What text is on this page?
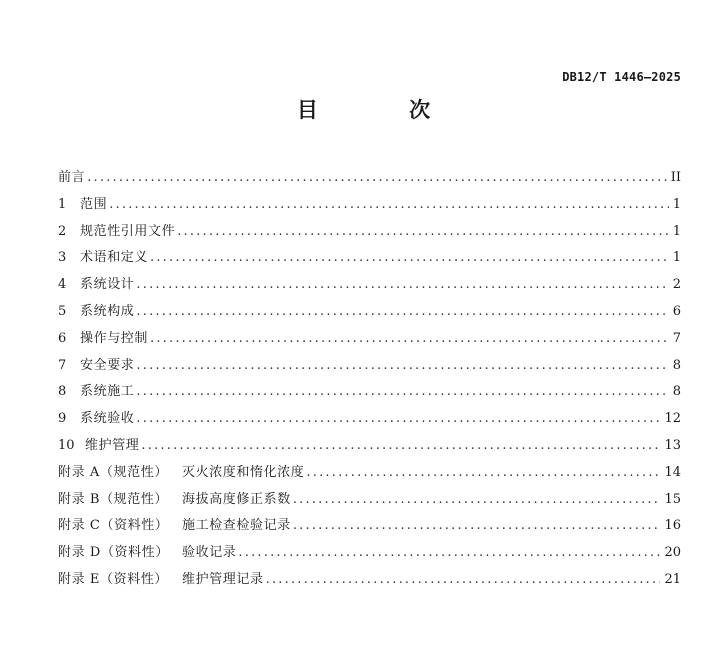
DB12/T 1446—2025
目 次
前言 .....	II
1	范围 .....	1
2	规范性引用文件 .....	1
3	术语和定义 .....	1
4	系统设计 .....	2
5	系统构成 .....	6
6	操作与控制 .....	7
7	安全要求 .....	8
8	系统施工 .....	8
9	系统验收 .....	12
10 维护管理 .....	13
附录 A（规范性）	灭火浓度和惰化浓度 .....	14
附录 B（规范性）	海拔高度修正系数 .....	15
附录 C（资料性）	施工检查检验记录 .....	16
附录 D（资料性）	验收记录 .....	20
附录 E（资料性）	维护管理记录 .....	21
